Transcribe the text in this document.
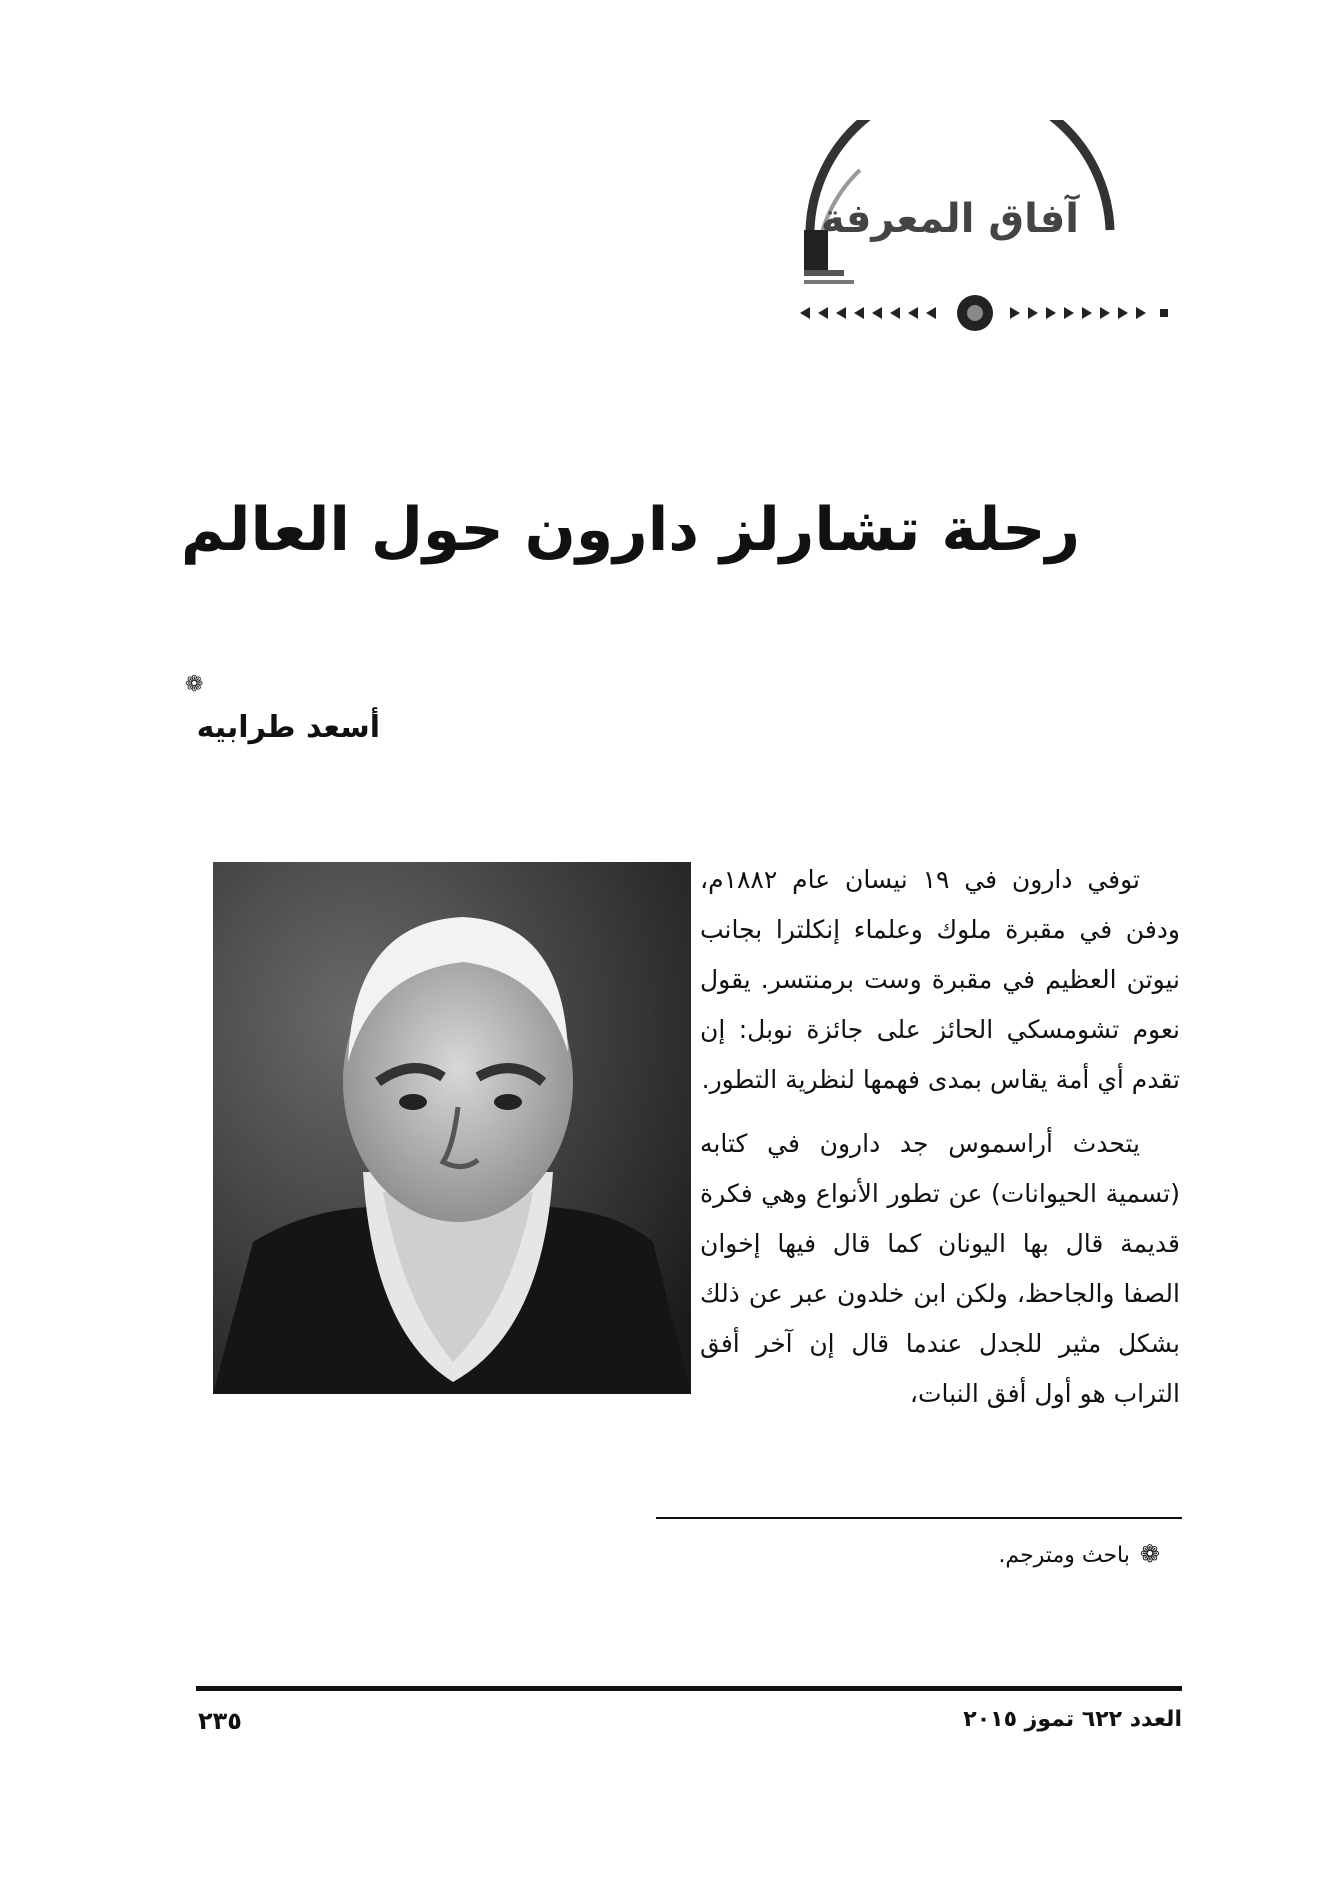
آفاق المعرفة
رحلة تشارلز دارون حول العالم
❁
أسعد طرابيه

توفي دارون في ١٩ نيسان عام ١٨٨٢م، ودفن في مقبرة ملوك وعلماء إنكلترا بجانب نيوتن العظيم في مقبرة وست برمنتسر. يقول نعوم تشومسكي الحائز على جائزة نوبل: إن تقدم أي أمة يقاس بمدى فهمها لنظرية التطور.

يتحدث أراسموس جد دارون في كتابه (تسمية الحيوانات) عن تطور الأنواع وهي فكرة قديمة قال بها اليونان كما قال فيها إخوان الصفا والجاحظ، ولكن ابن خلدون عبر عن ذلك بشكل مثير للجدل عندما قال إن آخر أفق التراب هو أول أفق النبات،

❁باحث ومترجم.
٢٣٥	العدد ٦٢٢ تموز ٢٠١٥
